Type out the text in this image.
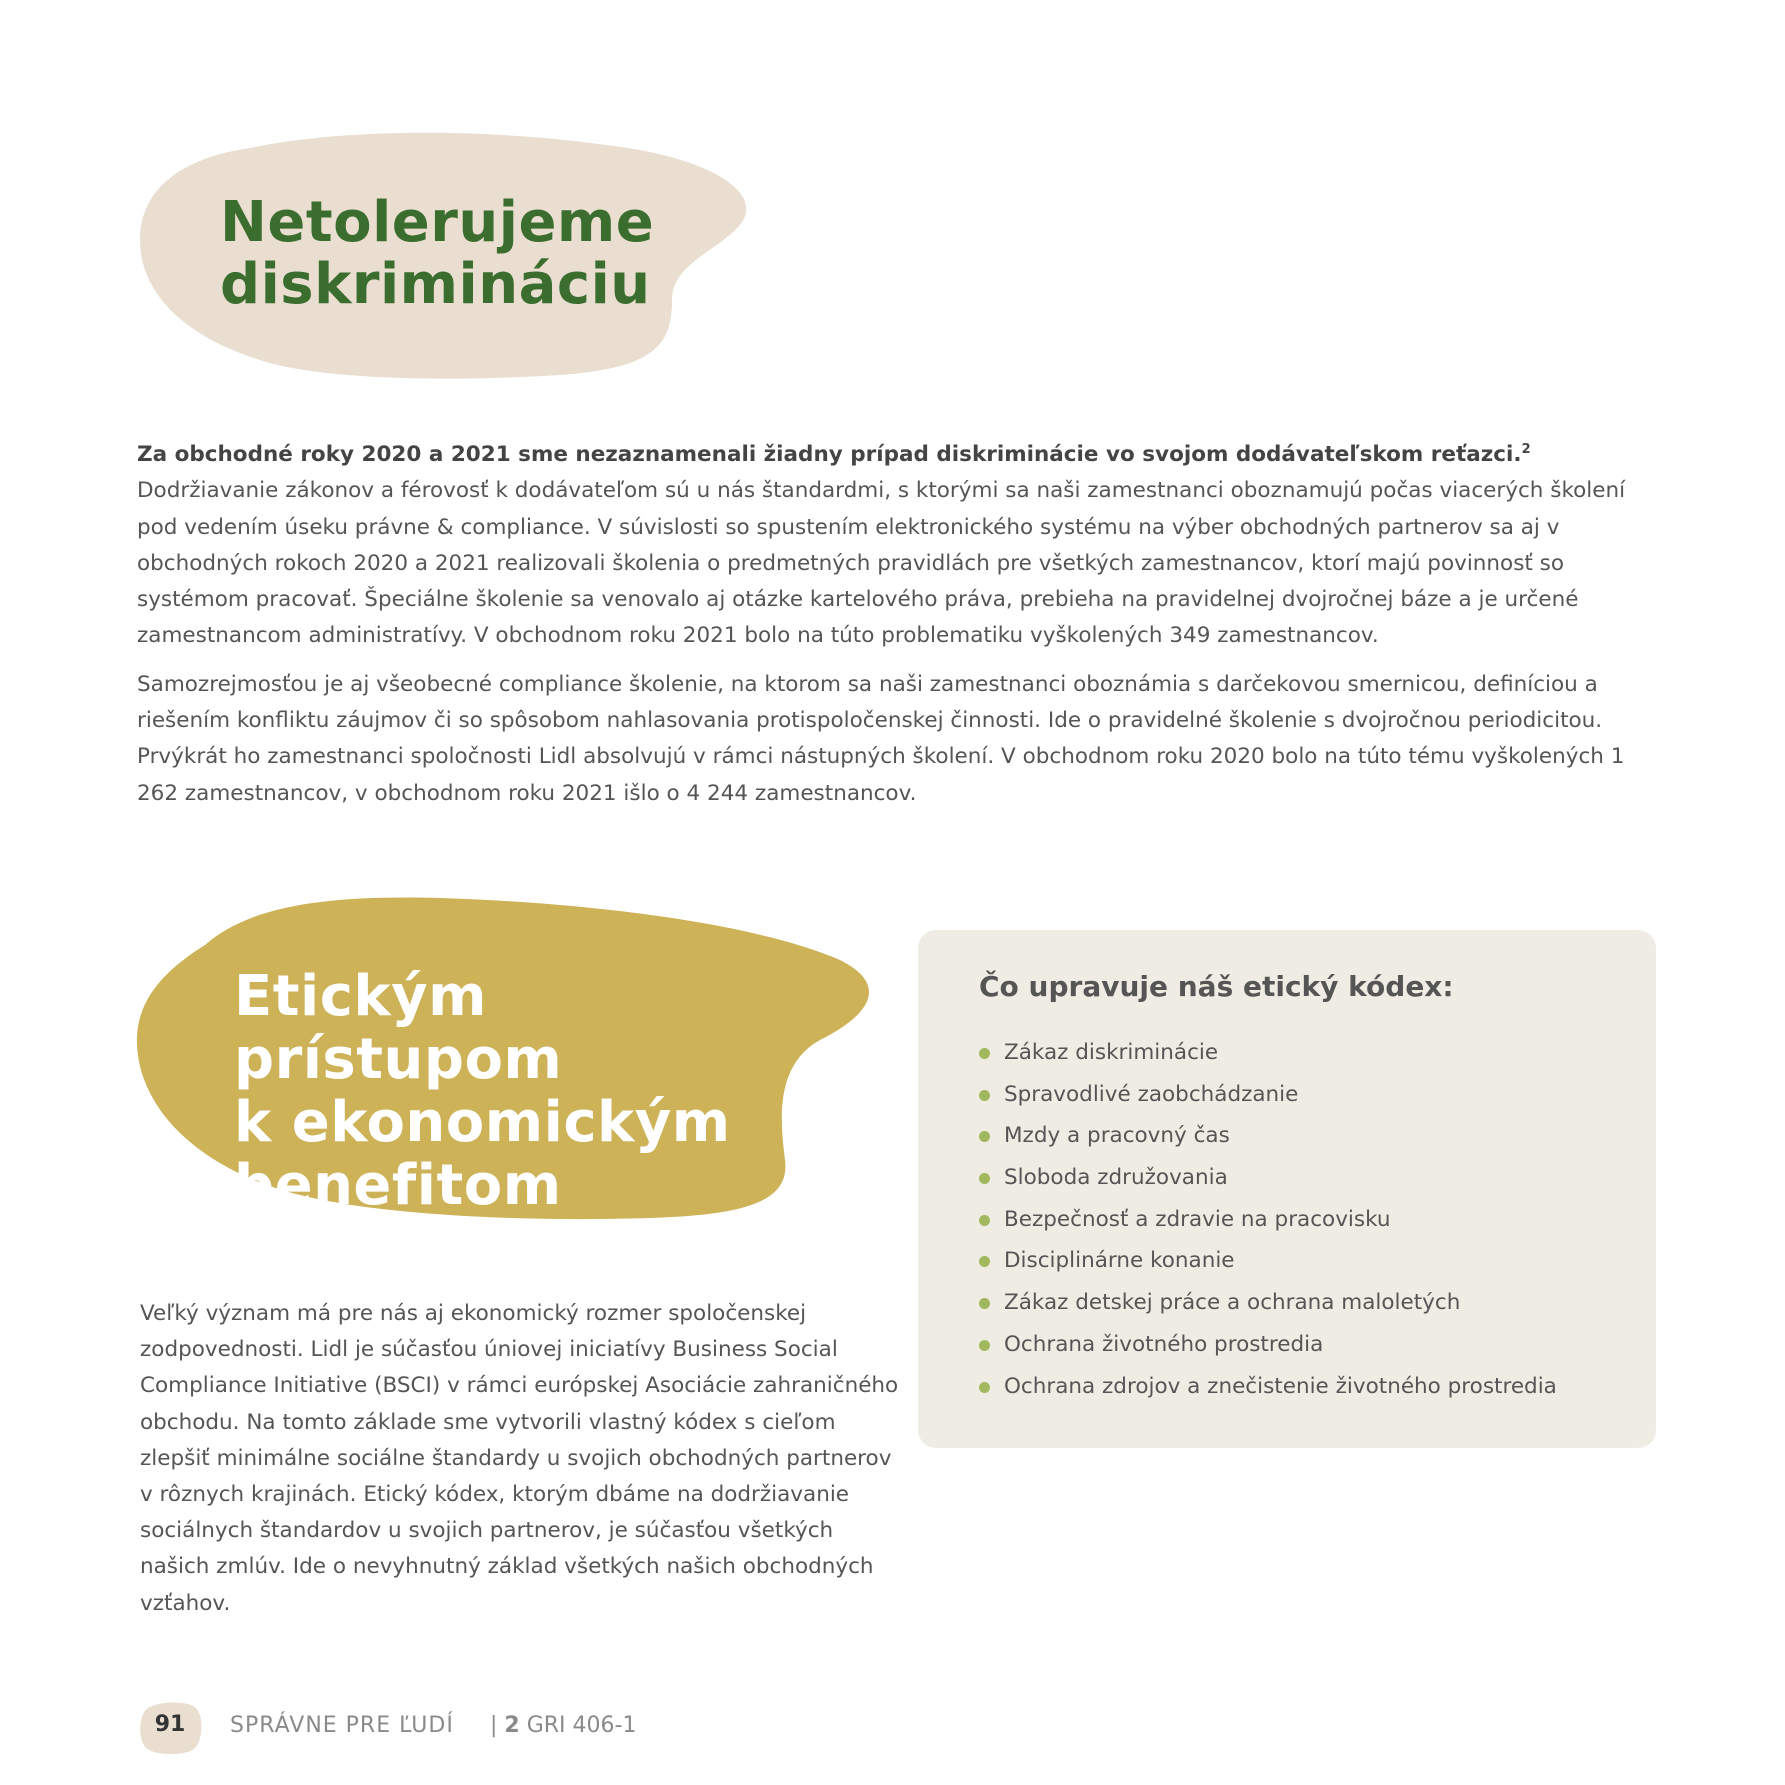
Netolerujeme
diskrimináciu

Za obchodné roky 2020 a 2021 sme nezaznamenali žiadny prípad diskriminácie vo svojom dodávateľskom reťazci.$^2$ Dodržiavanie zákonov a férovosť k dodávateľom sú u nás štandardmi, s ktorými sa naši zamestnanci oboznamujú počas viacerých školení pod vedením úseku právne & compliance. V súvislosti so spustením elektronického systému na výber obchodných partnerov sa aj v obchodných rokoch 2020 a 2021 realizovali školenia o predmetných pravidlách pre všetkých zamestnancov, ktorí majú povinnosť so systémom pracovať. Špeciálne školenie sa venovalo aj otázke kartelového práva, prebieha na pravidelnej dvojročnej báze a je určené zamestnancom administratívy. V obchodnom roku 2021 bolo na túto problematiku vyškolených 349 zamestnancov.

Samozrejmosťou je aj všeobecné compliance školenie, na ktorom sa naši zamestnanci oboznámia s darčekovou smernicou, definíciou a riešením konfliktu záujmov či so spôsobom nahlasovania protispoločenskej činnosti. Ide o pravidelné školenie s dvojročnou periodicitou. Prvýkrát ho zamestnanci spoločnosti Lidl absolvujú v rámci nástupných školení. V obchodnom roku 2020 bolo na túto tému vyškolených 1 262 zamestnancov, v obchodnom roku 2021 išlo o 4 244 zamestnancov.

Etickým prístupom
k ekonomickým
benefitom

Veľký význam má pre nás aj ekonomický rozmer spoločenskej zodpovednosti. Lidl je súčasťou úniovej iniciatívy Business Social Compliance Initiative (BSCI) v rámci európskej Asociácie zahraničného obchodu. Na tomto základe sme vytvorili vlastný kódex s cieľom zlepšiť minimálne sociálne štandardy u svojich obchodných partnerov v rôznych krajinách. Etický kódex, ktorým dbáme na dodržiavanie sociálnych štandardov u svojich partnerov, je súčasťou všetkých našich zmlúv. Ide o nevyhnutný základ všetkých našich obchodných vzťahov.

Čo upravuje náš etický kódex:
Zákaz diskriminácie
Spravodlivé zaobchádzanie
Mzdy a pracovný čas
Sloboda združovania
Bezpečnosť a zdravie na pracovisku
Disciplinárne konanie
Zákaz detskej práce a ochrana maloletých
Ochrana životného prostredia
Ochrana zdrojov a znečistenie životného prostredia
91	SPRÁVNE PRE ĽUDÍ | 2 GRI 406-1
